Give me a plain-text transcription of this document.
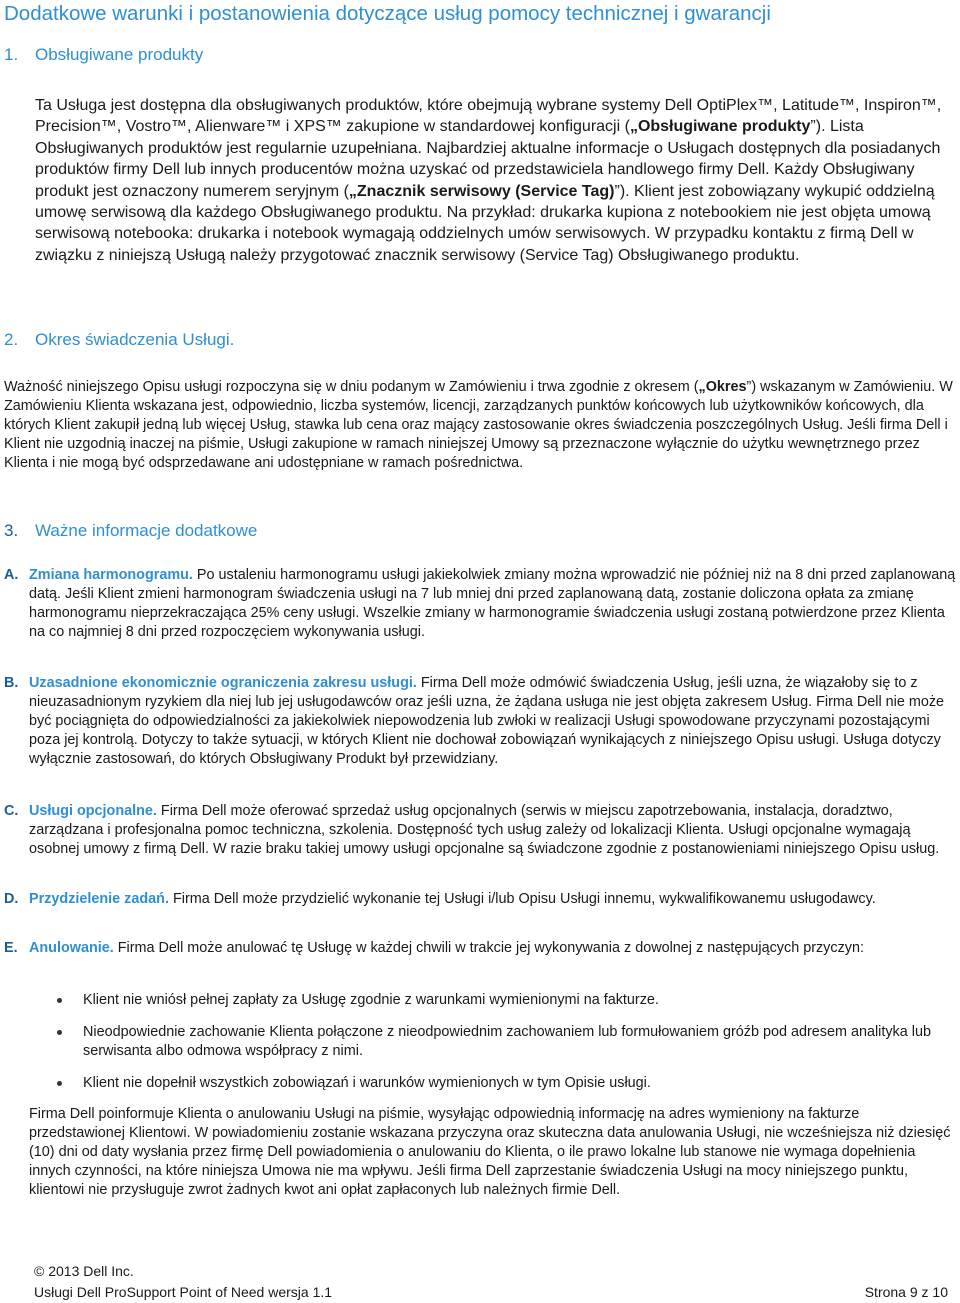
Dodatkowe warunki i postanowienia dotyczące usług pomocy technicznej i gwarancji
1. Obsługiwane produkty

Ta Usługa jest dostępna dla obsługiwanych produktów, które obejmują wybrane systemy Dell OptiPlex™, Latitude™, Inspiron™, Precision™, Vostro™, Alienware™ i XPS™ zakupione w standardowej konfiguracji („Obsługiwane produkty”). Lista Obsługiwanych produktów jest regularnie uzupełniana. Najbardziej aktualne informacje o Usługach dostępnych dla posiadanych produktów firmy Dell lub innych producentów można uzyskać od przedstawiciela handlowego firmy Dell. Każdy Obsługiwany produkt jest oznaczony numerem seryjnym („Znacznik serwisowy (Service Tag)”). Klient jest zobowiązany wykupić oddzielną umowę serwisową dla każdego Obsługiwanego produktu. Na przykład: drukarka kupiona z notebookiem nie jest objęta umową serwisową notebooka: drukarka i notebook wymagają oddzielnych umów serwisowych. W przypadku kontaktu z firmą Dell w związku z niniejszą Usługą należy przygotować znacznik serwisowy (Service Tag) Obsługiwanego produktu.

2. Okres świadczenia Usługi.

Ważność niniejszego Opisu usługi rozpoczyna się w dniu podanym w Zamówieniu i trwa zgodnie z okresem („Okres”) wskazanym w Zamówieniu. W Zamówieniu Klienta wskazana jest, odpowiednio, liczba systemów, licencji, zarządzanych punktów końcowych lub użytkowników końcowych, dla których Klient zakupił jedną lub więcej Usług, stawka lub cena oraz mający zastosowanie okres świadczenia poszczególnych Usług. Jeśli firma Dell i Klient nie uzgodnią inaczej na piśmie, Usługi zakupione w ramach niniejszej Umowy są przeznaczone wyłącznie do użytku wewnętrznego przez Klienta i nie mogą być odsprzedawane ani udostępniane w ramach pośrednictwa.

3. Ważne informacje dodatkowe
A. Zmiana harmonogramu. Po ustaleniu harmonogramu usługi jakiekolwiek zmiany można wprowadzić nie później niż na 8 dni przed zaplanowaną datą. Jeśli Klient zmieni harmonogram świadczenia usługi na 7 lub mniej dni przed zaplanowaną datą, zostanie doliczona opłata za zmianę harmonogramu nieprzekraczająca 25% ceny usługi. Wszelkie zmiany w harmonogramie świadczenia usługi zostaną potwierdzone przez Klienta na co najmniej 8 dni przed rozpoczęciem wykonywania usługi.

B. Uzasadnione ekonomicznie ograniczenia zakresu usługi. Firma Dell może odmówić świadczenia Usług, jeśli uzna, że wiązałoby się to z nieuzasadnionym ryzykiem dla niej lub jej usługodawców oraz jeśli uzna, że żądana usługa nie jest objęta zakresem Usług. Firma Dell nie może być pociągnięta do odpowiedzialności za jakiekolwiek niepowodzenia lub zwłoki w realizacji Usługi spowodowane przyczynami pozostającymi poza jej kontrolą. Dotyczy to także sytuacji, w których Klient nie dochował zobowiązań wynikających z niniejszego Opisu usługi. Usługa dotyczy wyłącznie zastosowań, do których Obsługiwany Produkt był przewidziany.

C. Usługi opcjonalne. Firma Dell może oferować sprzedaż usług opcjonalnych (serwis w miejscu zapotrzebowania, instalacja, doradztwo, zarządzana i profesjonalna pomoc techniczna, szkolenia. Dostępność tych usług zależy od lokalizacji Klienta. Usługi opcjonalne wymagają osobnej umowy z firmą Dell. W razie braku takiej umowy usługi opcjonalne są świadczone zgodnie z postanowieniami niniejszego Opisu usług.

D. Przydzielenie zadań. Firma Dell może przydzielić wykonanie tej Usługi i/lub Opisu Usługi innemu, wykwalifikowanemu usługodawcy.

E. Anulowanie. Firma Dell może anulować tę Usługę w każdej chwili w trakcie jej wykonywania z dowolnej z następujących przyczyn:

Klient nie wniósł pełnej zapłaty za Usługę zgodnie z warunkami wymienionymi na fakturze.

Nieodpowiednie zachowanie Klienta połączone z nieodpowiednim zachowaniem lub formułowaniem gróźb pod adresem analityka lub serwisanta albo odmowa współpracy z nimi.

Klient nie dopełnił wszystkich zobowiązań i warunków wymienionych w tym Opisie usługi.

Firma Dell poinformuje Klienta o anulowaniu Usługi na piśmie, wysyłając odpowiednią informację na adres wymieniony na fakturze przedstawionej Klientowi. W powiadomieniu zostanie wskazana przyczyna oraz skuteczna data anulowania Usługi, nie wcześniejsza niż dziesięć (10) dni od daty wysłania przez firmę Dell powiadomienia o anulowaniu do Klienta, o ile prawo lokalne lub stanowe nie wymaga dopełnienia innych czynności, na które niniejsza Umowa nie ma wpływu. Jeśli firma Dell zaprzestanie świadczenia Usługi na mocy niniejszego punktu, klientowi nie przysługuje zwrot żadnych kwot ani opłat zapłaconych lub należnych firmie Dell.

© 2013 Dell Inc.
Usługi Dell ProSupport Point of Need wersja 1.1	Strona 9 z 10
